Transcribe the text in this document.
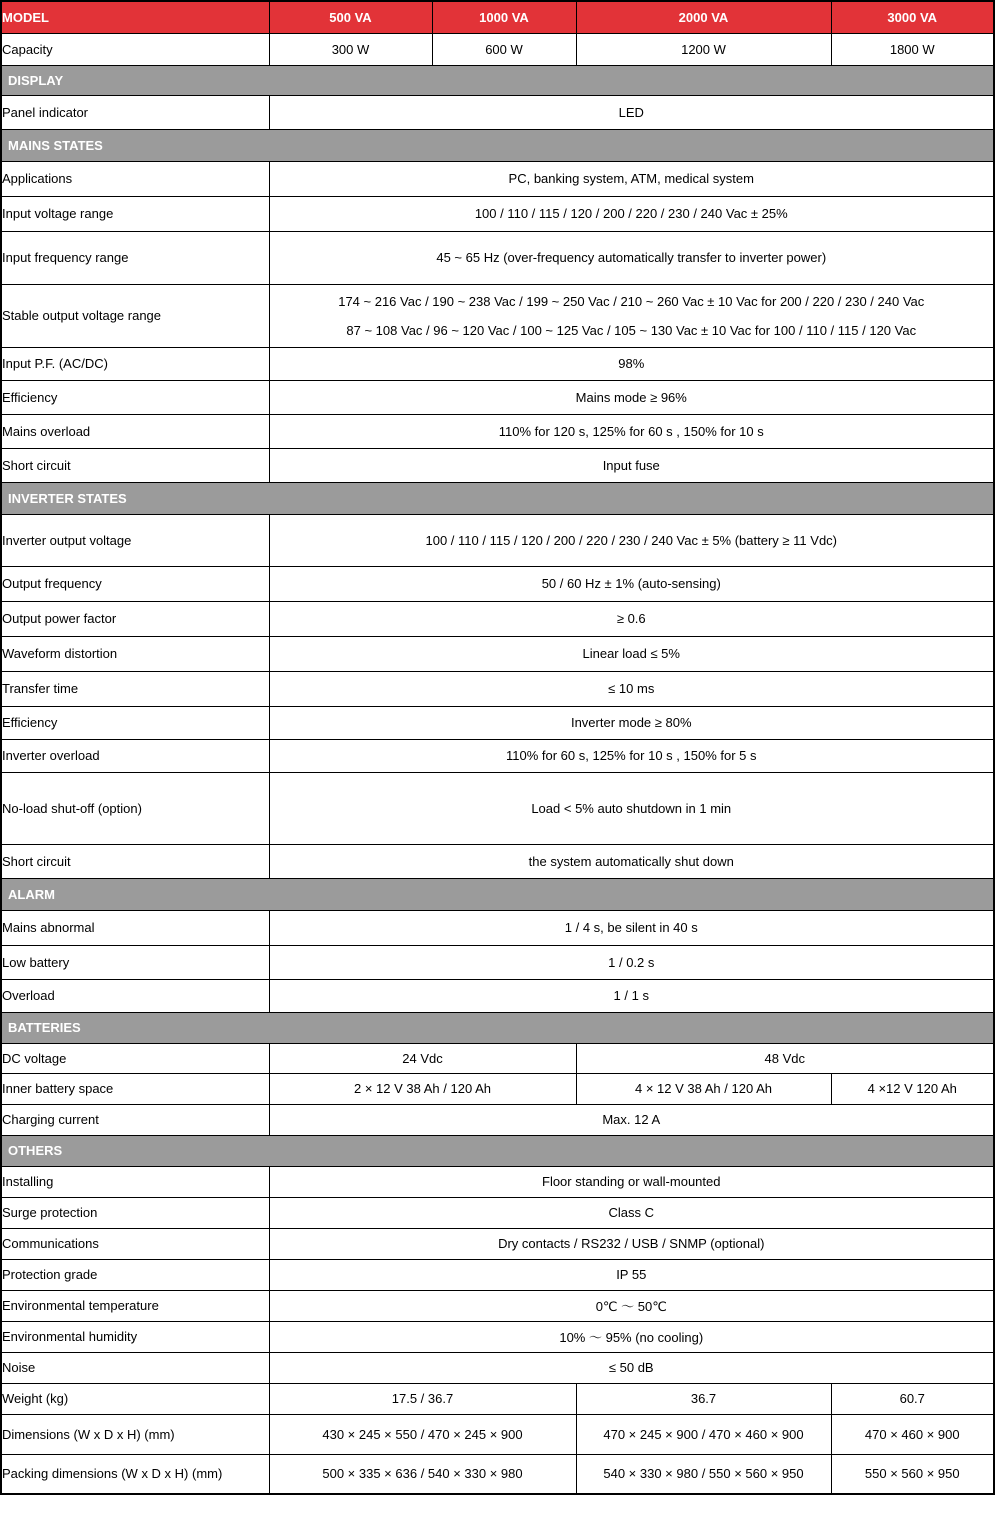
MODEL	500 VA	1000 VA	2000 VA	3000 VA
Capacity	300 W	600 W	1200 W	1800 W
DISPLAY				
Panel indicator	LED			
MAINS STATES				
Applications	PC, banking system, ATM, medical system			
Input voltage range	100 / 110 / 115 / 120 / 200 / 220 / 230 / 240 Vac ± 25%			
Input frequency range	45 ~ 65 Hz (over-frequency automatically transfer to inverter power)			
Stable output voltage range	174 ~ 216 Vac / 190 ~ 238 Vac / 199 ~ 250 Vac / 210 ~ 260 Vac ± 10 Vac for 200 / 220 / 230 / 240 Vac
87 ~ 108 Vac / 96 ~ 120 Vac / 100 ~ 125 Vac / 105 ~ 130 Vac ± 10 Vac for 100 / 110 / 115 / 120 Vac			

Input P.F. (AC/DC)	98%			
Efficiency	Mains mode ≥ 96%			
Mains overload	110% for 120 s, 125% for 60 s , 150% for 10 s			
Short circuit	Input fuse			
INVERTER STATES				
Inverter output voltage	100 / 110 / 115 / 120 / 200 / 220 / 230 / 240 Vac ± 5% (battery ≥ 11 Vdc)			
Output frequency	50 / 60 Hz ± 1% (auto-sensing)			
Output power factor	≥ 0.6			
Waveform distortion	Linear load ≤ 5%			
Transfer time	≤ 10 ms			
Efficiency	Inverter mode ≥ 80%			
Inverter overload	110% for 60 s, 125% for 10 s , 150% for 5 s			
No-load shut-off (option)	Load < 5% auto shutdown in 1 min			
Short circuit	the system automatically shut down			
ALARM				
Mains abnormal	1 / 4 s, be silent in 40 s			
Low battery	1 / 0.2 s			
Overload	1 / 1 s			
BATTERIES				
DC voltage	24 Vdc		48 Vdc	
Inner battery space	2 × 12 V 38 Ah / 120 Ah		4 × 12 V 38 Ah / 120 Ah	4 ×12 V 120 Ah
Charging current	Max. 12 A			
OTHERS				
Installing	Floor standing or wall-mounted			
Surge protection	Class C			
Communications	Dry contacts / RS232 / USB / SNMP (optional)			
Protection grade	IP 55			
Environmental temperature	0℃ ～ 50℃			
Environmental humidity	10% ～ 95% (no cooling)			
Noise	≤ 50 dB			
Weight (kg)	17.5 / 36.7		36.7	60.7
Dimensions (W x D x H) (mm)	430 × 245 × 550 / 470 × 245 × 900		470 × 245 × 900 / 470 × 460 × 900	470 × 460 × 900
Packing dimensions (W x D x H) (mm)	500 × 335 × 636 / 540 × 330 × 980		540 × 330 × 980 / 550 × 560 × 950	550 × 560 × 950
